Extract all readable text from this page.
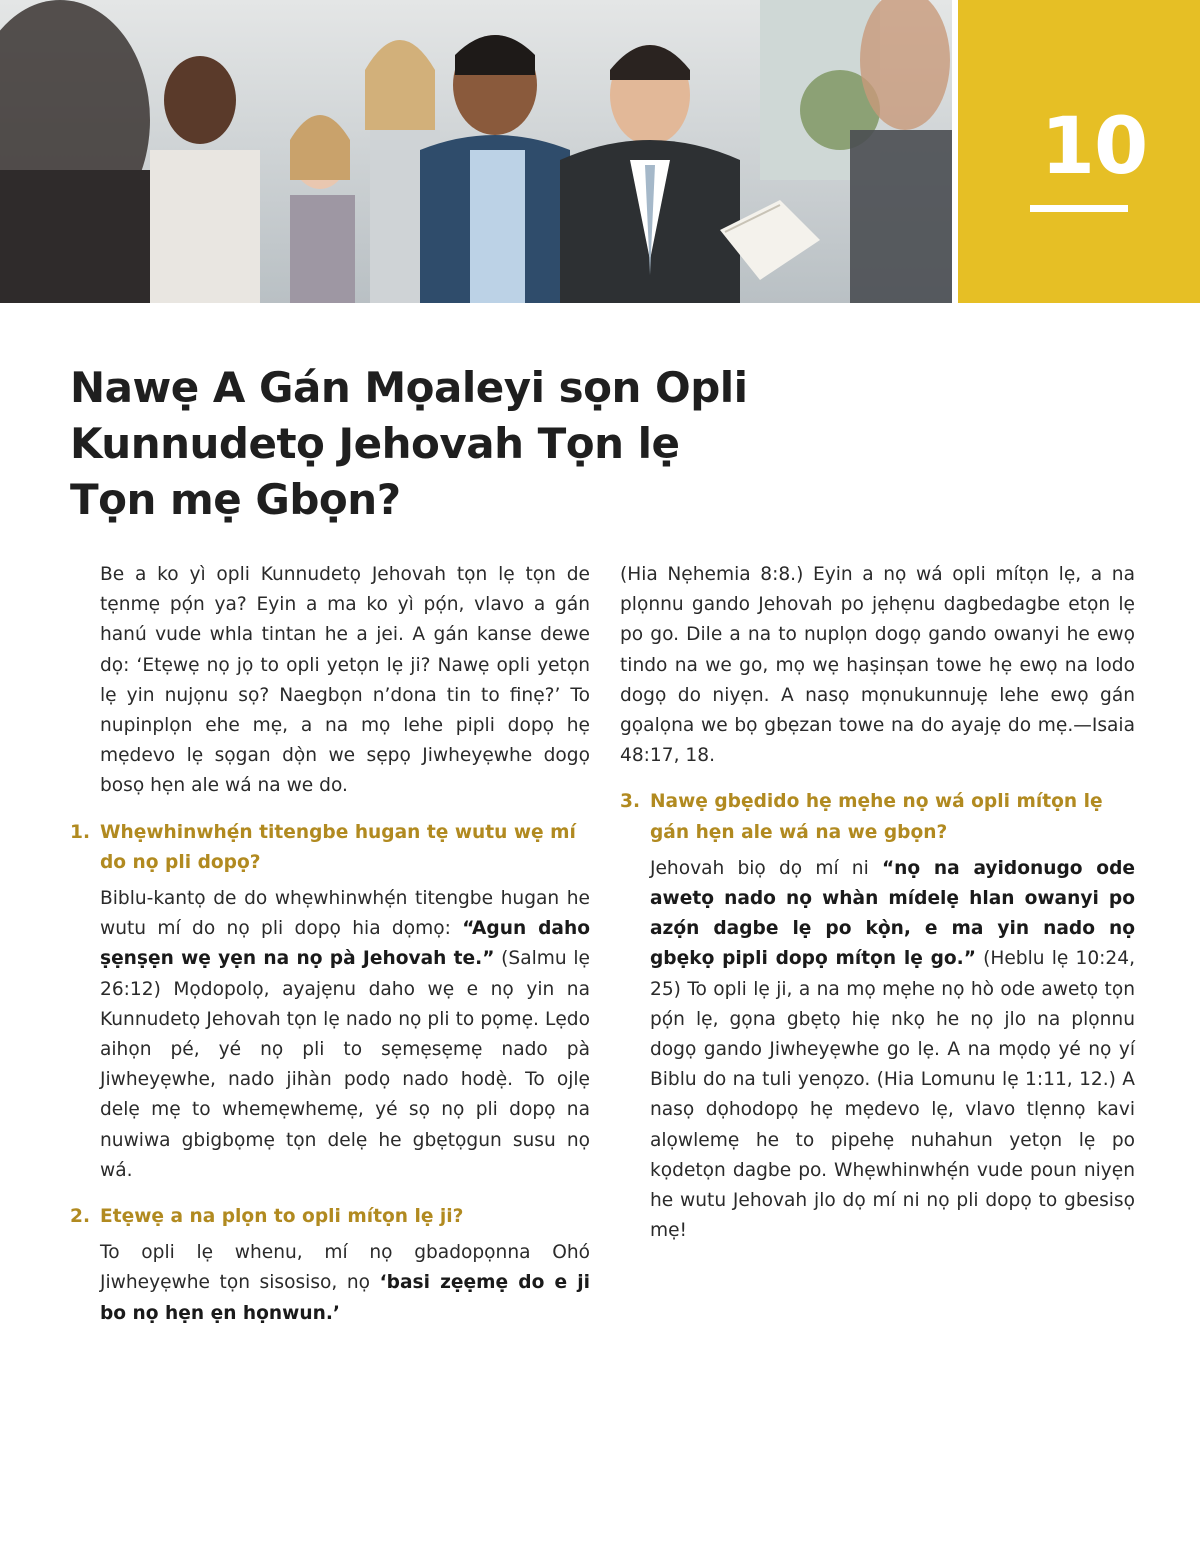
10
Nawẹ A Gán Mọaleyi sọn Opli
Kunnudetọ Jehovah Tọn lẹ
Tọn mẹ Gbọn?

Be a ko yì opli Kunnudetọ Jehovah tọn lẹ tọn de tẹnmẹ pọ́n ya? Eyin a ma ko yì pọ́n, vlavo a gán hanú vude whla tintan he a jei. A gán kanse dewe dọ: ‘Etẹwẹ nọ jọ to opli yetọn lẹ ji? Nawẹ opli yetọn lẹ yin nujọnu sọ? Naegbọn n’dona tin to finẹ?’ To nupinplọn ehe mẹ, a na mọ lehe pipli dopọ hẹ mẹdevo lẹ sọgan dọ̀n we sẹpọ Jiwheyẹwhe dogọ bosọ hẹn ale wá na we do.

1. Whẹwhinwhẹ́n titengbe hugan tẹ wutu wẹ mí do nọ pli dopọ?

Biblu-kantọ de do whẹwhinwhẹ́n titengbe hugan he wutu mí do nọ pli dopọ hia dọmọ: “Agun daho ṣẹnṣẹn wẹ yẹn na nọ pà Jehovah te.” (Salmu lẹ 26:12) Mọdopolọ, ayajẹnu daho wẹ e nọ yin na Kunnudetọ Jehovah tọn lẹ nado nọ pli to pọmẹ. Lẹdo aihọn pé, yé nọ pli to sẹmẹsẹmẹ nado pà Jiwheyẹwhe, nado jihàn podọ nado hodẹ̀. To ojlẹ delẹ mẹ to whemẹwhemẹ, yé sọ nọ pli dopọ na nuwiwa gbigbọmẹ tọn delẹ he gbẹtọgun susu nọ wá.

2. Etẹwẹ a na plọn to opli mítọn lẹ ji?

To opli lẹ whenu, mí nọ gbadopọnna Ohó Jiwheyẹwhe tọn sisosiso, nọ ‘basi zẹẹmẹ do e ji bo nọ hẹn ẹn họnwun.’

(Hia Nẹhemia 8:8.) Eyin a nọ wá opli mítọn lẹ, a na plọnnu gando Jehovah po jẹhẹnu dagbedagbe etọn lẹ po go. Dile a na to nuplọn dogọ gando owanyi he ewọ tindo na we go, mọ wẹ haṣinṣan towe hẹ ewọ na lodo dogọ do niyẹn. A nasọ mọnukunnujẹ lehe ewọ gán gọalọna we bọ gbẹzan towe na do ayajẹ do mẹ.—Isaia 48:17, 18.

3. Nawẹ gbẹdido hẹ mẹhe nọ wá opli mítọn lẹ gán hẹn ale wá na we gbọn?

Jehovah biọ dọ mí ni “nọ na ayidonugo ode awetọ nado nọ whàn mídelẹ hlan owanyi po azọ́n dagbe lẹ po kọ̀n, e ma yin nado nọ gbẹkọ pipli dopọ mítọn lẹ go.” (Heblu lẹ 10:24, 25) To opli lẹ ji, a na mọ mẹhe nọ hò ode awetọ tọn pọ́n lẹ, gọna gbẹtọ hiẹ nkọ he nọ jlo na plọnnu dogọ gando Jiwheyẹwhe go lẹ. A na mọdọ yé nọ yí Biblu do na tuli yenọzo. (Hia Lomunu lẹ 1:11, 12.) A nasọ dọhodopọ hẹ mẹdevo lẹ, vlavo tlẹnnọ kavi alọwlemẹ he to pipehẹ nuhahun yetọn lẹ po kọdetọn dagbe po. Whẹwhinwhẹ́n vude poun niyẹn he wutu Jehovah jlo dọ mí ni nọ pli dopọ to gbesisọ mẹ!
